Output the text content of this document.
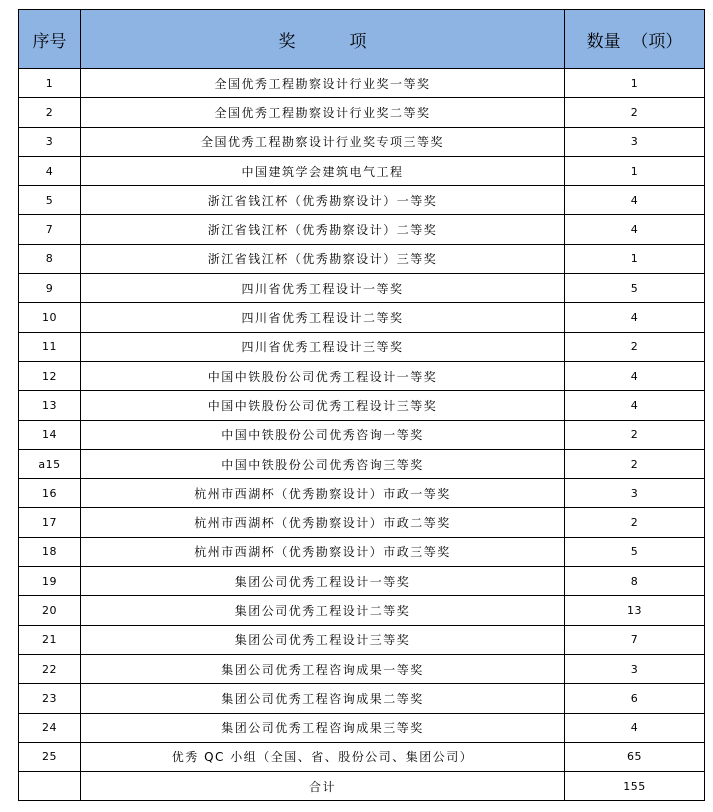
序号	奖          项	数量  （项）
1	全国优秀工程勘察设计行业奖一等奖	1
2	全国优秀工程勘察设计行业奖二等奖	2
3	全国优秀工程勘察设计行业奖专项三等奖	3
4	中国建筑学会建筑电气工程	1
5	浙江省钱江杯（优秀勘察设计）一等奖	4
7	浙江省钱江杯（优秀勘察设计）二等奖	4
8	浙江省钱江杯（优秀勘察设计）三等奖	1
9	四川省优秀工程设计一等奖	5
10	四川省优秀工程设计二等奖	4
11	四川省优秀工程设计三等奖	2
12	中国中铁股份公司优秀工程设计一等奖	4
13	中国中铁股份公司优秀工程设计三等奖	4
14	中国中铁股份公司优秀咨询一等奖	2
a15	中国中铁股份公司优秀咨询三等奖	2
16	杭州市西湖杯（优秀勘察设计）市政一等奖	3
17	杭州市西湖杯（优秀勘察设计）市政二等奖	2
18	杭州市西湖杯（优秀勘察设计）市政三等奖	5
19	集团公司优秀工程设计一等奖	8
20	集团公司优秀工程设计二等奖	13
21	集团公司优秀工程设计三等奖	7
22	集团公司优秀工程咨询成果一等奖	3
23	集团公司优秀工程咨询成果二等奖	6
24	集团公司优秀工程咨询成果三等奖	4
25	优秀 QC 小组（全国、省、股份公司、集团公司）	65
	合计	155
